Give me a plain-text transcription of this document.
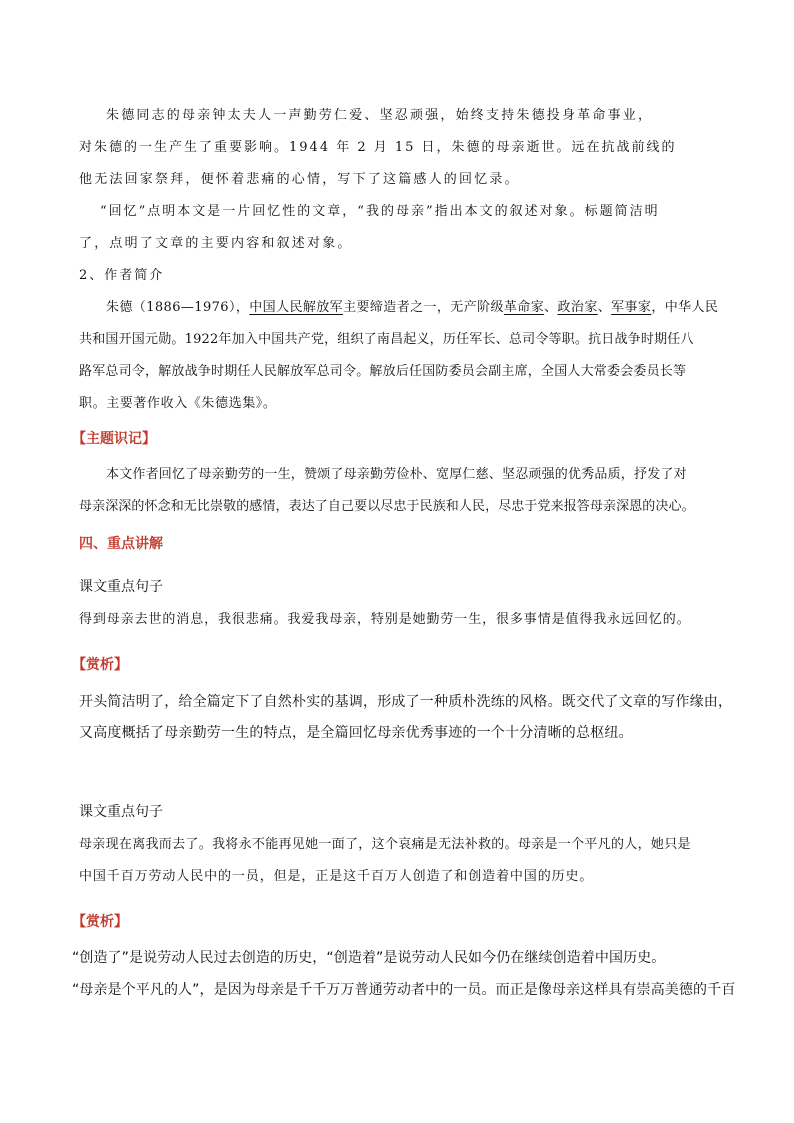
朱德同志的母亲钟太夫人一声勤劳仁爱、坚忍顽强，始终支持朱德投身革命事业，
对朱德的一生产生了重要影响。1944 年 2 月 15 日，朱德的母亲逝世。远在抗战前线的
他无法回家祭拜，便怀着悲痛的心情，写下了这篇感人的回忆录。
“回忆”点明本文是一片回忆性的文章，“我的母亲”指出本文的叙述对象。标题简洁明
了，点明了文章的主要内容和叙述对象。
2、作者简介
朱德（1886—1976），中国人民解放军主要缔造者之一，无产阶级革命家、政治家、军事家，中华人民
共和国开国元勋。1922年加入中国共产党，组织了南昌起义，历任军长、总司令等职。抗日战争时期任八
路军总司令，解放战争时期任人民解放军总司令。解放后任国防委员会副主席，全国人大常委会委员长等
职。主要著作收入《朱德选集》。
【主题识记】
本文作者回忆了母亲勤劳的一生，赞颂了母亲勤劳俭朴、宽厚仁慈、坚忍顽强的优秀品质，抒发了对
母亲深深的怀念和无比崇敬的感情，表达了自己要以尽忠于民族和人民，尽忠于党来报答母亲深恩的决心。
四、重点讲解
课文重点句子
得到母亲去世的消息，我很悲痛。我爱我母亲，特别是她勤劳一生，很多事情是值得我永远回忆的。
【赏析】
开头简洁明了，给全篇定下了自然朴实的基调，形成了一种质朴洗练的风格。既交代了文章的写作缘由，
又高度概括了母亲勤劳一生的特点，是全篇回忆母亲优秀事迹的一个十分清晰的总枢纽。
课文重点句子
母亲现在离我而去了。我将永不能再见她一面了，这个哀痛是无法补救的。母亲是一个平凡的人，她只是
中国千百万劳动人民中的一员，但是，正是这千百万人创造了和创造着中国的历史。
【赏析】
“创造了”是说劳动人民过去创造的历史，“创造着”是说劳动人民如今仍在继续创造着中国历史。
“母亲是个平凡的人”，是因为母亲是千千万万普通劳动者中的一员。而正是像母亲这样具有崇高美德的千百
